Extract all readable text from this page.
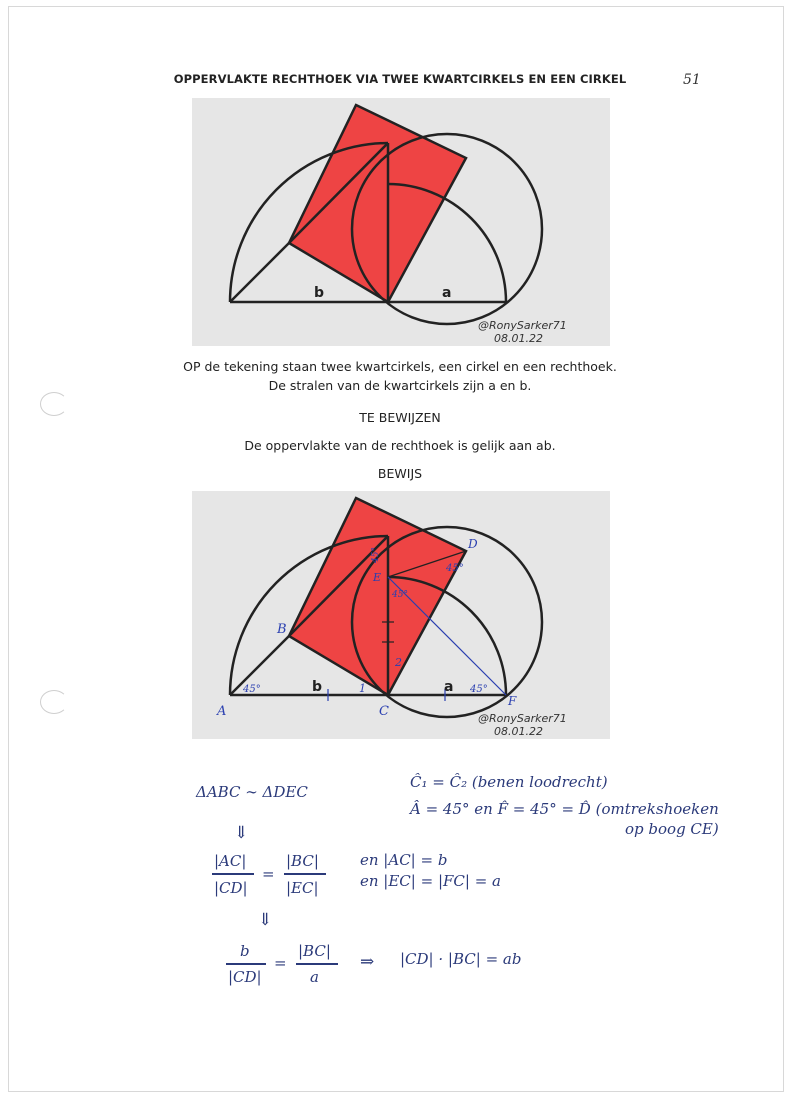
OPPERVLAKTE RECHTHOEK VIA TWEE KWARTCIRKELS EN EEN CIRKEL	51
b	a
@RonySarker71
08.01.22
OP de tekening staan twee kwartcirkels, een cirkel en een rechthoek.
De stralen van de kwartcirkels zijn a en b.
TE BEWIJZEN
De oppervlakte van de rechthoek is gelijk aan ab.
BEWIJS
b	a
A
B
C
D
E
F
45°	45°
45°
45°
45°
1
2
@RonySarker71
08.01.22
ΔABC ∼ ΔDEC
Ĉ₁ = Ĉ₂ (benen loodrecht)
Â = 45° en F̂ = 45° = D̂ (omtrekshoeken
op boog CE)
⇓
|AC|
|CD|
=
|BC|
|EC|
en |AC| = b
en |EC| = |FC| = a
⇓
b
|CD|
=
|BC|
a
⇒ |CD| · |BC| = ab
